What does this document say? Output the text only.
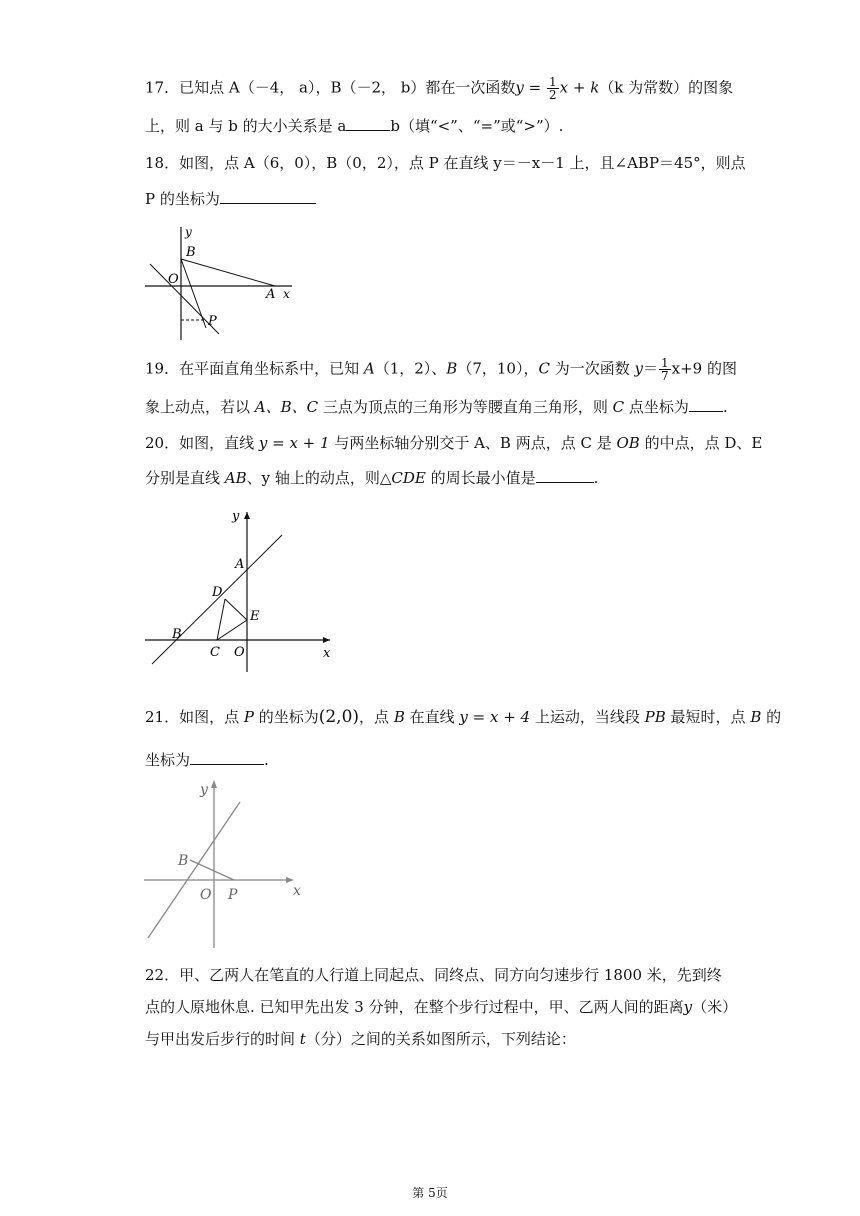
17．已知点 A（－4， a），B（－2， b）都在一次函数$y = \frac{1}{2}$ x + k（k 为常数）的图象
上，则 a 与 b 的大小关系是 a	b（填“<”、“=”或“>”）.
18．如图，点 A（6，0），B（0，2），点 P 在直线 y＝－x－1 上，且∠ABP＝45°，则点
P 的坐标为
y
B
O
A x
P
19．在平面直角坐标系中，已知 A（1，2）、B（7，10），C 为一次函数 $y= \frac{1}{7} x+9$ 的图
象上动点，若以 A、B、C 三点为顶点的三角形为等腰直角三角形，则 C 点坐标为 .
20．如图，直线 y = x + 1 与两坐标轴分别交于 A、B 两点，点 C 是 OB 的中点，点 D、E
分别是直线 AB、y 轴上的动点，则△CDE 的周长最小值是	.
y
A
D
E
B
C O	x
21．如图，点 P 的坐标为(2,0)，点 B 在直线 y = x + 4 上运动，当线段 PB 最短时，点 B 的
坐标为	.
y
B
O P	x
22．甲、乙两人在笔直的人行道上同起点、同终点、同方向匀速步行 1800 米，先到终
点的人原地休息. 已知甲先出发 3 分钟，在整个步行过程中，甲、乙两人间的距离y（米）
与甲出发后步行的时间 t（分）之间的关系如图所示，下列结论：
第 5页
